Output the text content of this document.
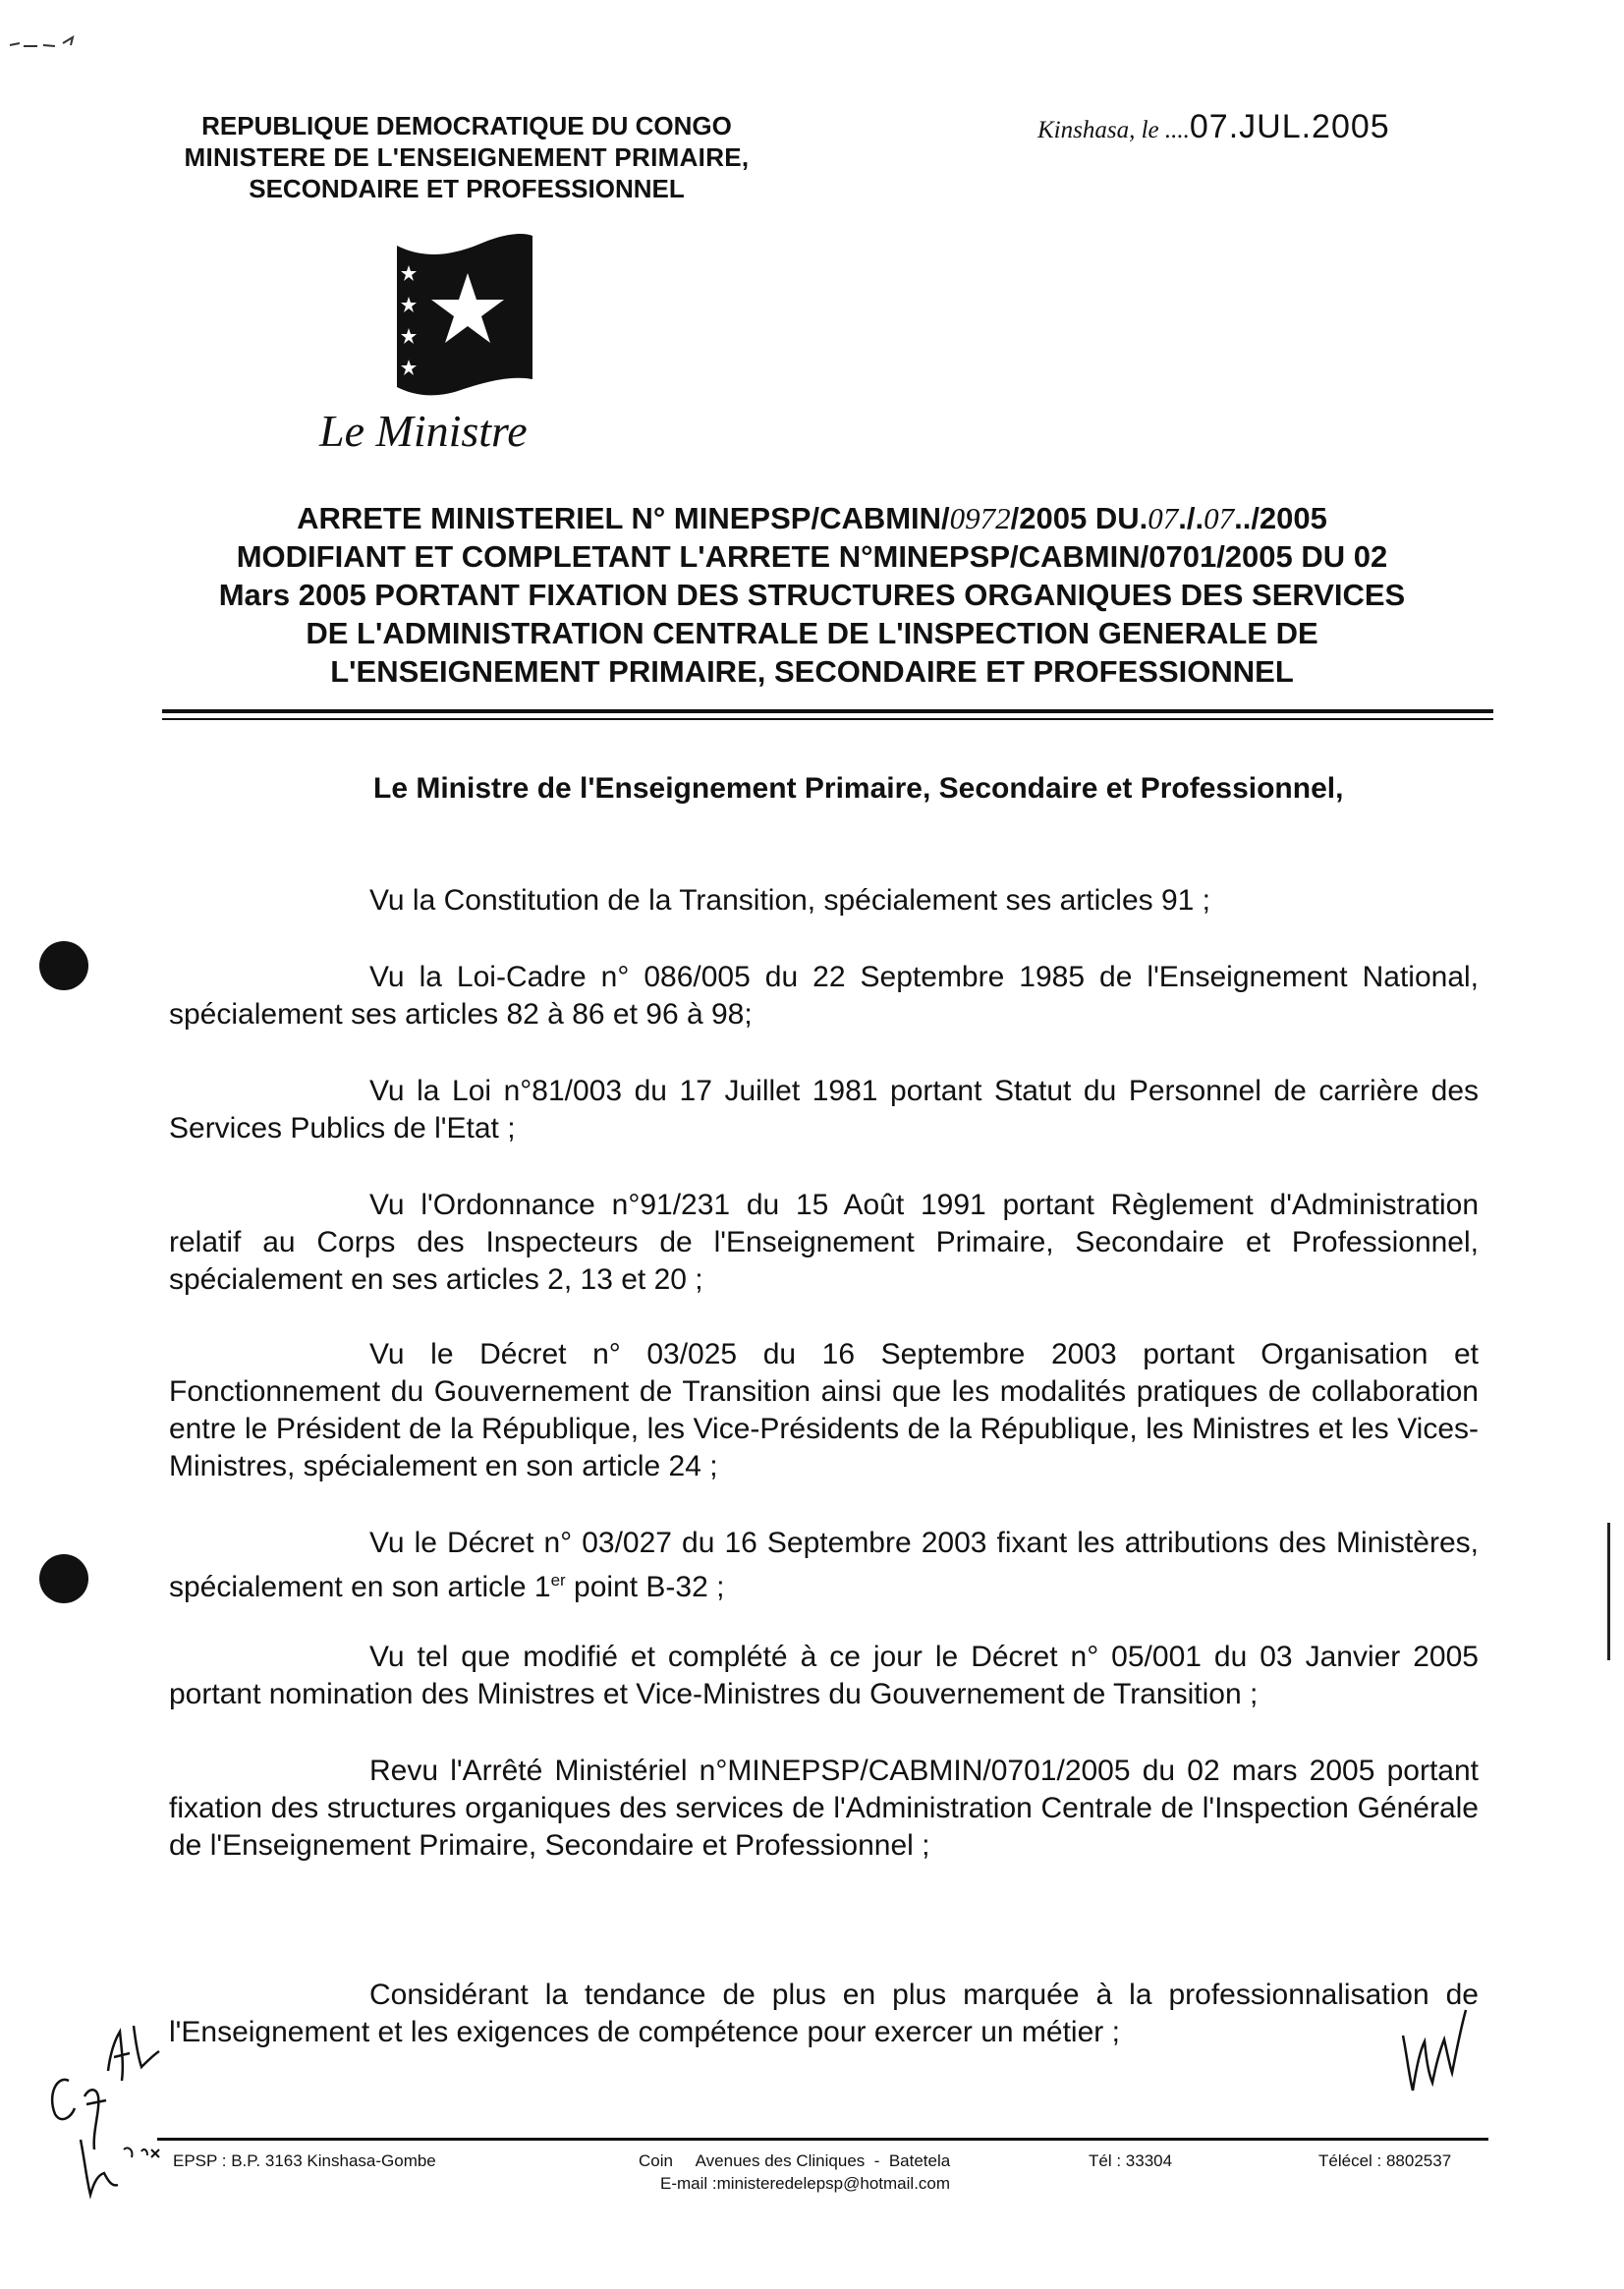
REPUBLIQUE DEMOCRATIQUE DU CONGO
MINISTERE DE L'ENSEIGNEMENT PRIMAIRE,
SECONDAIRE ET PROFESSIONNEL
Kinshasa, le ....07.JUL.2005
Le Ministre
ARRETE MINISTERIEL N° MINEPSP/CABMIN/0972/2005 DU.07./.07../2005
MODIFIANT ET COMPLETANT L'ARRETE N°MINEPSP/CABMIN/0701/2005 DU 02
Mars 2005 PORTANT FIXATION DES STRUCTURES ORGANIQUES DES SERVICES
DE L'ADMINISTRATION CENTRALE DE L'INSPECTION GENERALE DE
L'ENSEIGNEMENT PRIMAIRE, SECONDAIRE ET PROFESSIONNEL
Le Ministre de l'Enseignement Primaire, Secondaire et Professionnel,
Vu la Constitution de la Transition, spécialement ses articles 91 ;
Vu la Loi-Cadre n° 086/005 du 22 Septembre 1985 de l'Enseignement National, spécialement ses articles 82 à 86 et 96 à 98;
Vu la Loi n°81/003 du 17 Juillet 1981 portant Statut du Personnel de carrière des Services Publics de l'Etat ;
Vu l'Ordonnance n°91/231 du 15 Août 1991 portant Règlement d'Administration relatif au Corps des Inspecteurs de l'Enseignement Primaire, Secondaire et Professionnel, spécialement en ses articles 2, 13 et 20 ;
Vu le Décret n° 03/025 du 16 Septembre 2003 portant Organisation et Fonctionnement du Gouvernement de Transition ainsi que les modalités pratiques de collaboration entre le Président de la République, les Vice-Présidents de la République, les Ministres et les Vices-Ministres, spécialement en son article 24 ;
Vu le Décret n° 03/027 du 16 Septembre 2003 fixant les attributions des Ministères, spécialement en son article 1er point B-32 ;
Vu tel que modifié et complété à ce jour le Décret n° 05/001 du 03 Janvier 2005 portant nomination des Ministres et Vice-Ministres du Gouvernement de Transition ;
Revu l'Arrêté Ministériel n°MINEPSP/CABMIN/0701/2005 du 02 mars 2005 portant fixation des structures organiques des services de l'Administration Centrale de l'Inspection Générale de l'Enseignement Primaire, Secondaire et Professionnel ;
Considérant la tendance de plus en plus marquée à la professionnalisation de l'Enseignement et les exigences de compétence pour exercer un métier ;
EPSP : B.P. 3163 Kinshasa-Gombe	Coin     Avenues des Cliniques  -  Batetela
E-mail :ministeredelepsp@hotmail.com
Tél : 33304	Télécel : 8802537
